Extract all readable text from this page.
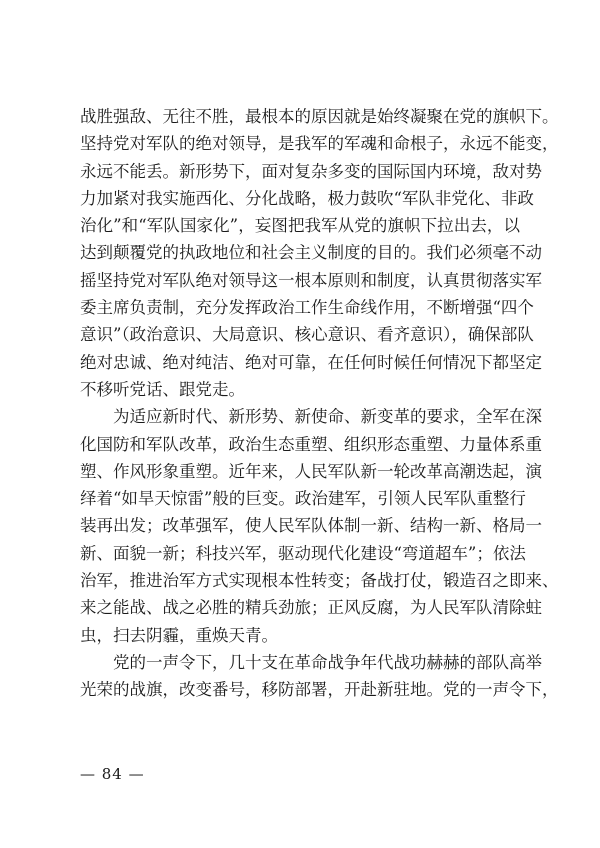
战胜强敌、无往不胜，最根本的原因就是始终凝聚在党的旗帜下。
坚持党对军队的绝对领导，是我军的军魂和命根子，永远不能变，
永远不能丢。新形势下，面对复杂多变的国际国内环境，敌对势
力加紧对我实施西化、分化战略，极力鼓吹“军队非党化、非政
治化”和“军队国家化”，妄图把我军从党的旗帜下拉出去，以
达到颠覆党的执政地位和社会主义制度的目的。我们必须毫不动
摇坚持党对军队绝对领导这一根本原则和制度，认真贯彻落实军
委主席负责制，充分发挥政治工作生命线作用，不断增强“四个
意识”（政治意识、大局意识、核心意识、看齐意识），确保部队
绝对忠诚、绝对纯洁、绝对可靠，在任何时候任何情况下都坚定
不移听党话、跟党走。
为适应新时代、新形势、新使命、新变革的要求，全军在深
化国防和军队改革，政治生态重塑、组织形态重塑、力量体系重
塑、作风形象重塑。近年来，人民军队新一轮改革高潮迭起，演
绎着“如旱天惊雷”般的巨变。政治建军，引领人民军队重整行
装再出发；改革强军，使人民军队体制一新、结构一新、格局一
新、面貌一新；科技兴军，驱动现代化建设“弯道超车”；依法
治军，推进治军方式实现根本性转变；备战打仗，锻造召之即来、
来之能战、战之必胜的精兵劲旅；正风反腐，为人民军队清除蛀
虫，扫去阴霾，重焕天青。
党的一声令下，几十支在革命战争年代战功赫赫的部队高举
光荣的战旗，改变番号，移防部署，开赴新驻地。党的一声令下，
— 84 —
